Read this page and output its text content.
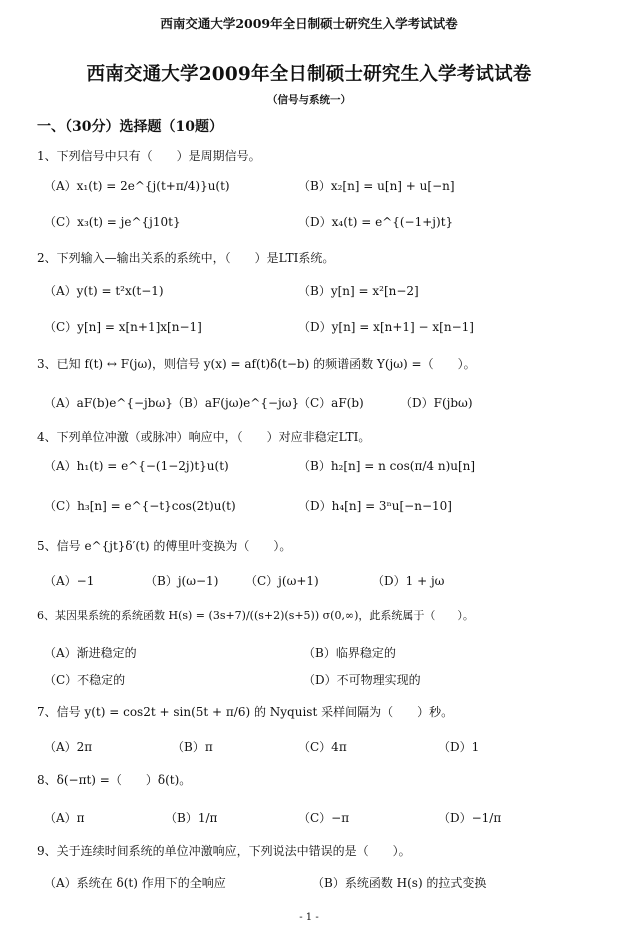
西南交通大学2009年全日制硕士研究生入学考试试卷
西南交通大学2009年全日制硕士研究生入学考试试卷
（信号与系统一）
一、（30分）选择题（10题）
1、下列信号中只有（　　）是周期信号。
（A）x₁(t) = 2e^{j(t+π/4)}u(t)	（B）x₂[n] = u[n] + u[−n]
（C）x₃(t) = je^{j10t}	（D）x₄(t) = e^{(−1+j)t}
2、下列输入—输出关系的系统中，（　　）是LTI系统。
（A）y(t) = t²x(t−1)	（B）y[n] = x²[n−2]
（C）y[n] = x[n+1]x[n−1]	（D）y[n] = x[n+1] − x[n−1]
3、已知 f(t) ↔ F(jω)，则信号 y(x) = af(t)δ(t−b) 的频谱函数 Y(jω) =（　　）。
（A）aF(b)e^{−jbω} （B）aF(jω)e^{−jω}
（C）aF(b)	（D）F(jbω)
4、下列单位冲激（或脉冲）响应中，（　　）对应非稳定LTI。
（A）h₁(t) = e^{−(1−2j)t}u(t)	（B）h₂[n] = n cos(π/4 n)u[n]
（C）h₃[n] = e^{−t}cos(2t)u(t)	（D）h₄[n] = 3ⁿu[−n−10]
5、信号 e^{jt}δ′(t) 的傅里叶变换为（　　）。
（A）−1	（B）j(ω−1) （C）j(ω+1)	（D）1 + jω
6、某因果系统的系统函数 H(s) = (3s+7)/((s+2)(s+5)) σ(0,∞)，此系统属于（　　）。
（A）渐进稳定的	（B）临界稳定的
（C）不稳定的	（D）不可物理实现的
7、信号 y(t) = cos2t + sin(5t + π/6) 的 Nyquist 采样间隔为（　　）秒。
（A）2π	（B）π	（C）4π	（D）1
8、δ(−πt) =（　　）δ(t)。
（A）π	（B）1/π	（C）−π	（D）−1/π
9、关于连续时间系统的单位冲激响应，下列说法中错误的是（　　）。
（A）系统在 δ(t) 作用下的全响应	（B）系统函数 H(s) 的拉式变换
- 1 -
